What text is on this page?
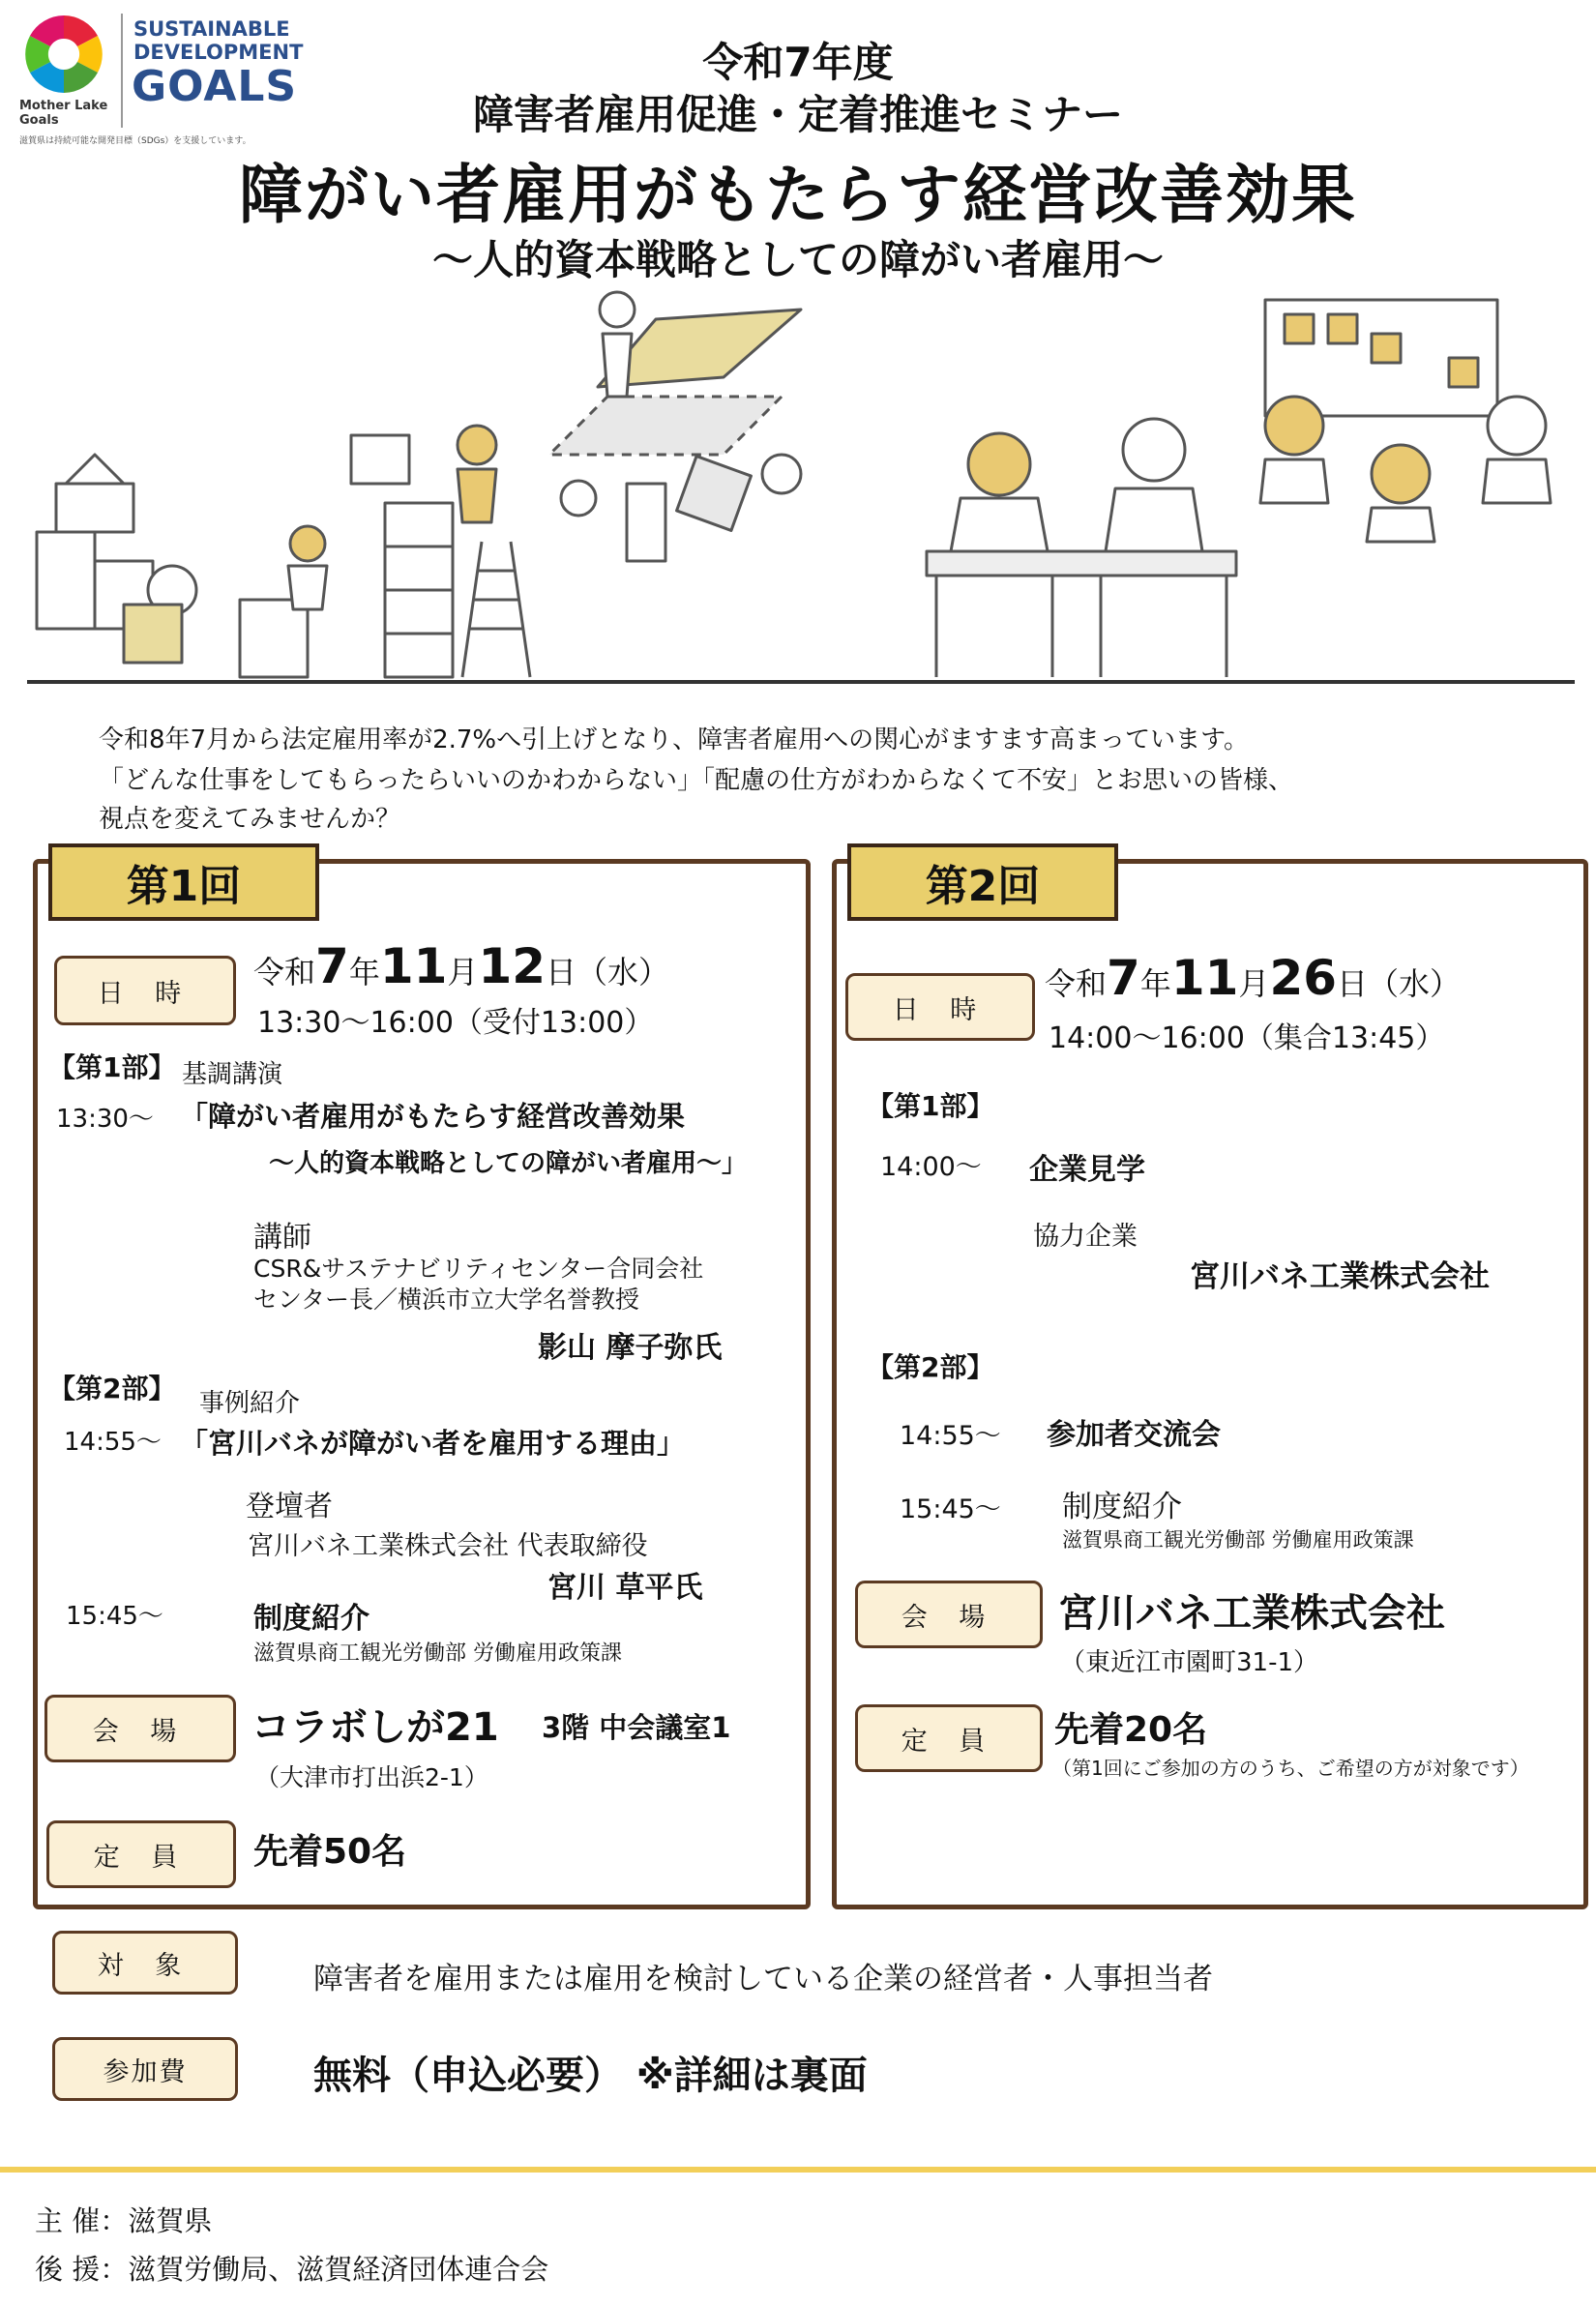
Mother Lake
Goals
SUSTAINABLE
DEVELOPMENT
GOALS
滋賀県は持続可能な開発目標（SDGs）を支援しています。
令和7年度
障害者雇用促進・定着推進セミナー
障がい者雇用がもたらす経営改善効果
～人的資本戦略としての障がい者雇用～
令和8年7月から法定雇用率が2.7%へ引上げとなり、障害者雇用への関心がますます高まっています。
「どんな仕事をしてもらったらいいのかわからない」「配慮の仕方がわからなくて不安」とお思いの皆様、
視点を変えてみませんか？
第1回
日 時
令和7年11月12日（水）
13:30～16:00（受付13:00）
【第1部】 基調講演
13:30～ 「障がい者雇用がもたらす経営改善効果
～人的資本戦略としての障がい者雇用～」
講師
CSR&サステナビリティセンター合同会社
センター長／横浜市立大学名誉教授
影山 摩子弥氏
【第2部】 事例紹介
14:55～ 「宮川バネが障がい者を雇用する理由」
登壇者
宮川バネ工業株式会社 代表取締役
宮川 草平氏
15:45～	制度紹介
滋賀県商工観光労働部 労働雇用政策課
会 場	コラボしが21 3階 中会議室1
（大津市打出浜2-1）
定 員	先着50名
第2回
日 時
令和7年11月26日（水）
14:00～16:00（集合13:45）
【第1部】
14:00～ 企業見学
協力企業
宮川バネ工業株式会社
【第2部】
14:55～ 参加者交流会
15:45～ 制度紹介
滋賀県商工観光労働部 労働雇用政策課
会 場	宮川バネ工業株式会社
（東近江市園町31-1）
定 員	先着20名
（第1回にご参加の方のうち、ご希望の方が対象です）
対 象	障害者を雇用または雇用を検討している企業の経営者・人事担当者
参加費	無料（申込必要） ※詳細は裏面
主 催：滋賀県
後 援：滋賀労働局、滋賀経済団体連合会
